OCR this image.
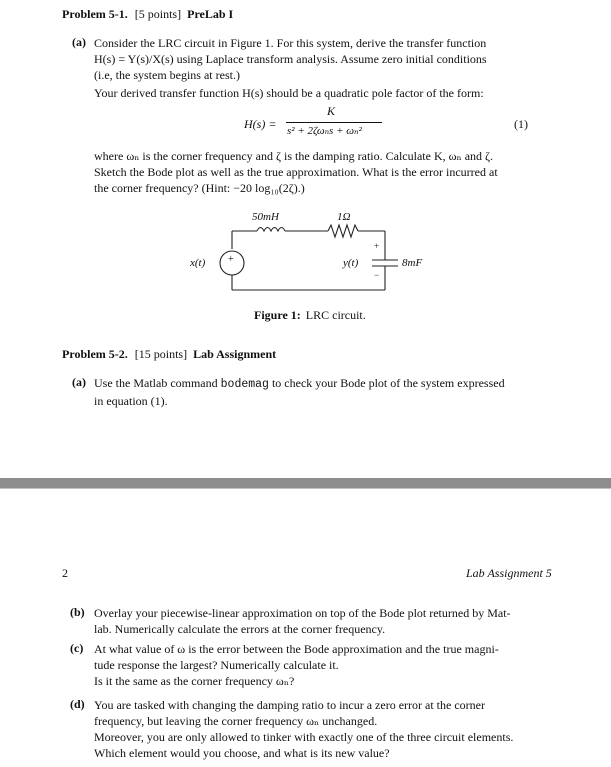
Problem 5-1. [5 points] PreLab I
(a) Consider the LRC circuit in Figure 1. For this system, derive the transfer function
H(s) = Y(s)/X(s) using Laplace transform analysis. Assume zero initial conditions
(i.e, the system begins at rest.)
Your derived transfer function H(s) should be a quadratic pole factor of the form:
H(s) =
K
s² + 2ζωₙs + ωₙ²	(1)
where ωₙ is the corner frequency and ζ is the damping ratio. Calculate K, ωₙ and ζ.
Sketch the Bode plot as well as the true approximation. What is the error incurred at
the corner frequency? (Hint: −20 log₁₀(2ζ).)
+
50mH	1Ω
x(t)	y(t)	8mF
+
−
Figure 1: LRC circuit.
Problem 5-2. [15 points] Lab Assignment
(a) Use the Matlab command bodemag to check your Bode plot of the system expressed
in equation (1).
2	Lab Assignment 5
(b) Overlay your piecewise-linear approximation on top of the Bode plot returned by Mat-
lab. Numerically calculate the errors at the corner frequency.
(c) At what value of ω is the error between the Bode approximation and the true magni-
tude response the largest? Numerically calculate it.
Is it the same as the corner frequency ωₙ?
(d) You are tasked with changing the damping ratio to incur a zero error at the corner
frequency, but leaving the corner frequency ωₙ unchanged.
Moreover, you are only allowed to tinker with exactly one of the three circuit elements.
Which element would you choose, and what is its new value?
